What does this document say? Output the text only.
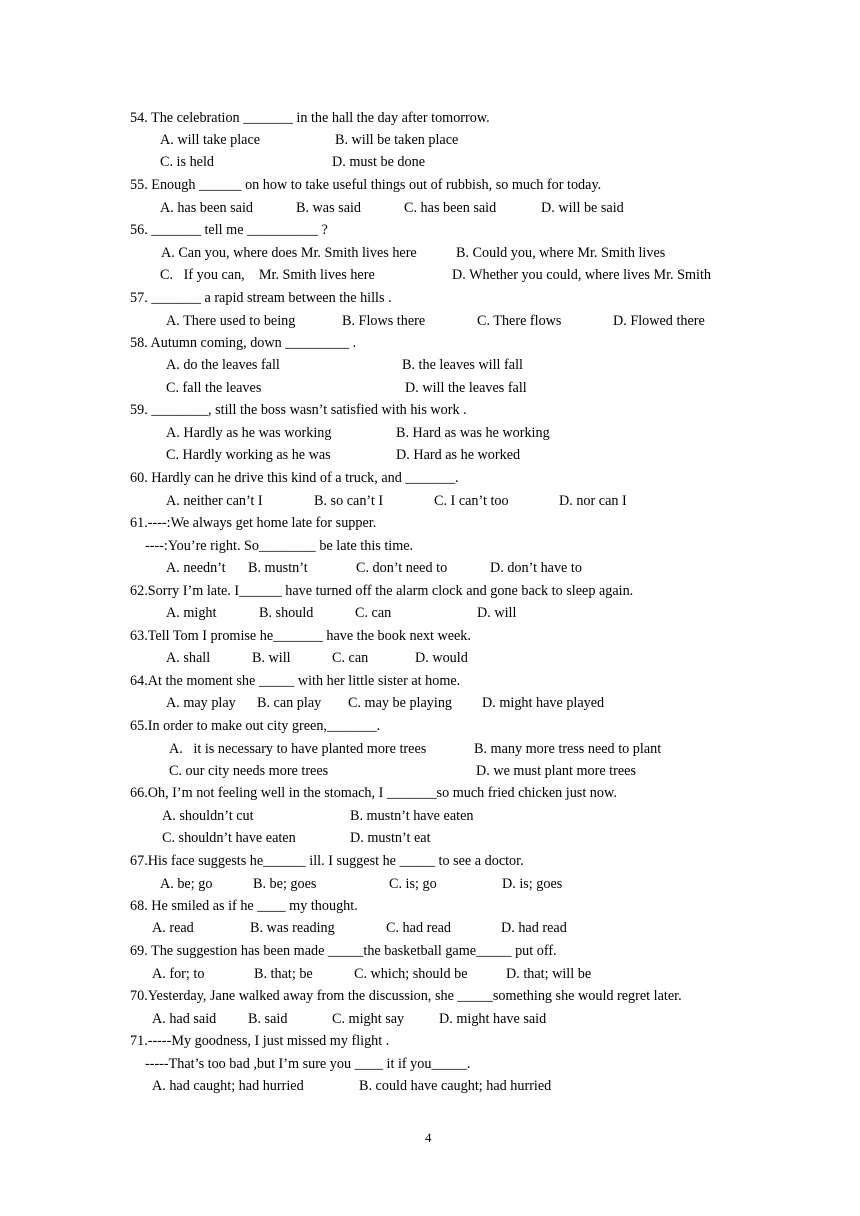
4
54. The celebration _______ in the hall the day after tomorrow.
A. will take place	B. will be taken place
C. is held	D. must be done
55. Enough ______ on how to take useful things out of rubbish, so much for today.
A. has been said	B. was said	C. has been said	D. will be said
56. _______ tell me __________ ?
A. Can you, where does Mr. Smith lives here	B. Could you, where Mr. Smith lives
C.   If you can,    Mr. Smith lives here	D. Whether you could, where lives Mr. Smith
57. _______ a rapid stream between the hills .
A. There used to being	B. Flows there	C. There flows	D. Flowed there
58. Autumn coming, down _________ .
A. do the leaves fall	B. the leaves will fall
C. fall the leaves	D. will the leaves fall
59. ________, still the boss wasn’t satisfied with his work .
A. Hardly as he was working	B. Hard as was he working
C. Hardly working as he was	D. Hard as he worked
60. Hardly can he drive this kind of a truck, and _______.
A. neither can’t I	B. so can’t I	C. I can’t too	D. nor can I
61.----:We always get home late for supper.
----:You’re right. So________ be late this time.
A. needn’t B. mustn’t	C. don’t need to	D. don’t have to
62.Sorry I’m late. I______ have turned off the alarm clock and gone back to sleep again.
A. might	B. should	C. can	D. will
63.Tell Tom I promise he_______ have the book next week.
A. shall	B. will	C. can	D. would
64.At the moment she _____ with her little sister at home.
A. may play B. can play C. may be playing D. might have played
65.In order to make out city green,_______.
A.   it is necessary to have planted more trees	B. many more tress need to plant
C. our city needs more trees	D. we must plant more trees
66.Oh, I’m not feeling well in the stomach, I _______so much fried chicken just now.
A. shouldn’t cut	B. mustn’t have eaten
C. shouldn’t have eaten	D. mustn’t eat
67.His face suggests he______ ill. I suggest he _____ to see a doctor.
A. be; go	B. be; goes	C. is; go	D. is; goes
68. He smiled as if he ____ my thought.
A. read	B. was reading	C. had read	D. had read
69. The suggestion has been made _____the basketball game_____ put off.
A. for; to	B. that; be	C. which; should be	D. that; will be
70.Yesterday, Jane walked away from the discussion, she _____something she would regret later.
A. had said B. said	C. might say D. might have said
71.-----My goodness, I just missed my flight .
-----That’s too bad ,but I’m sure you ____ it if you_____.
A. had caught; had hurried	B. could have caught; had hurried
